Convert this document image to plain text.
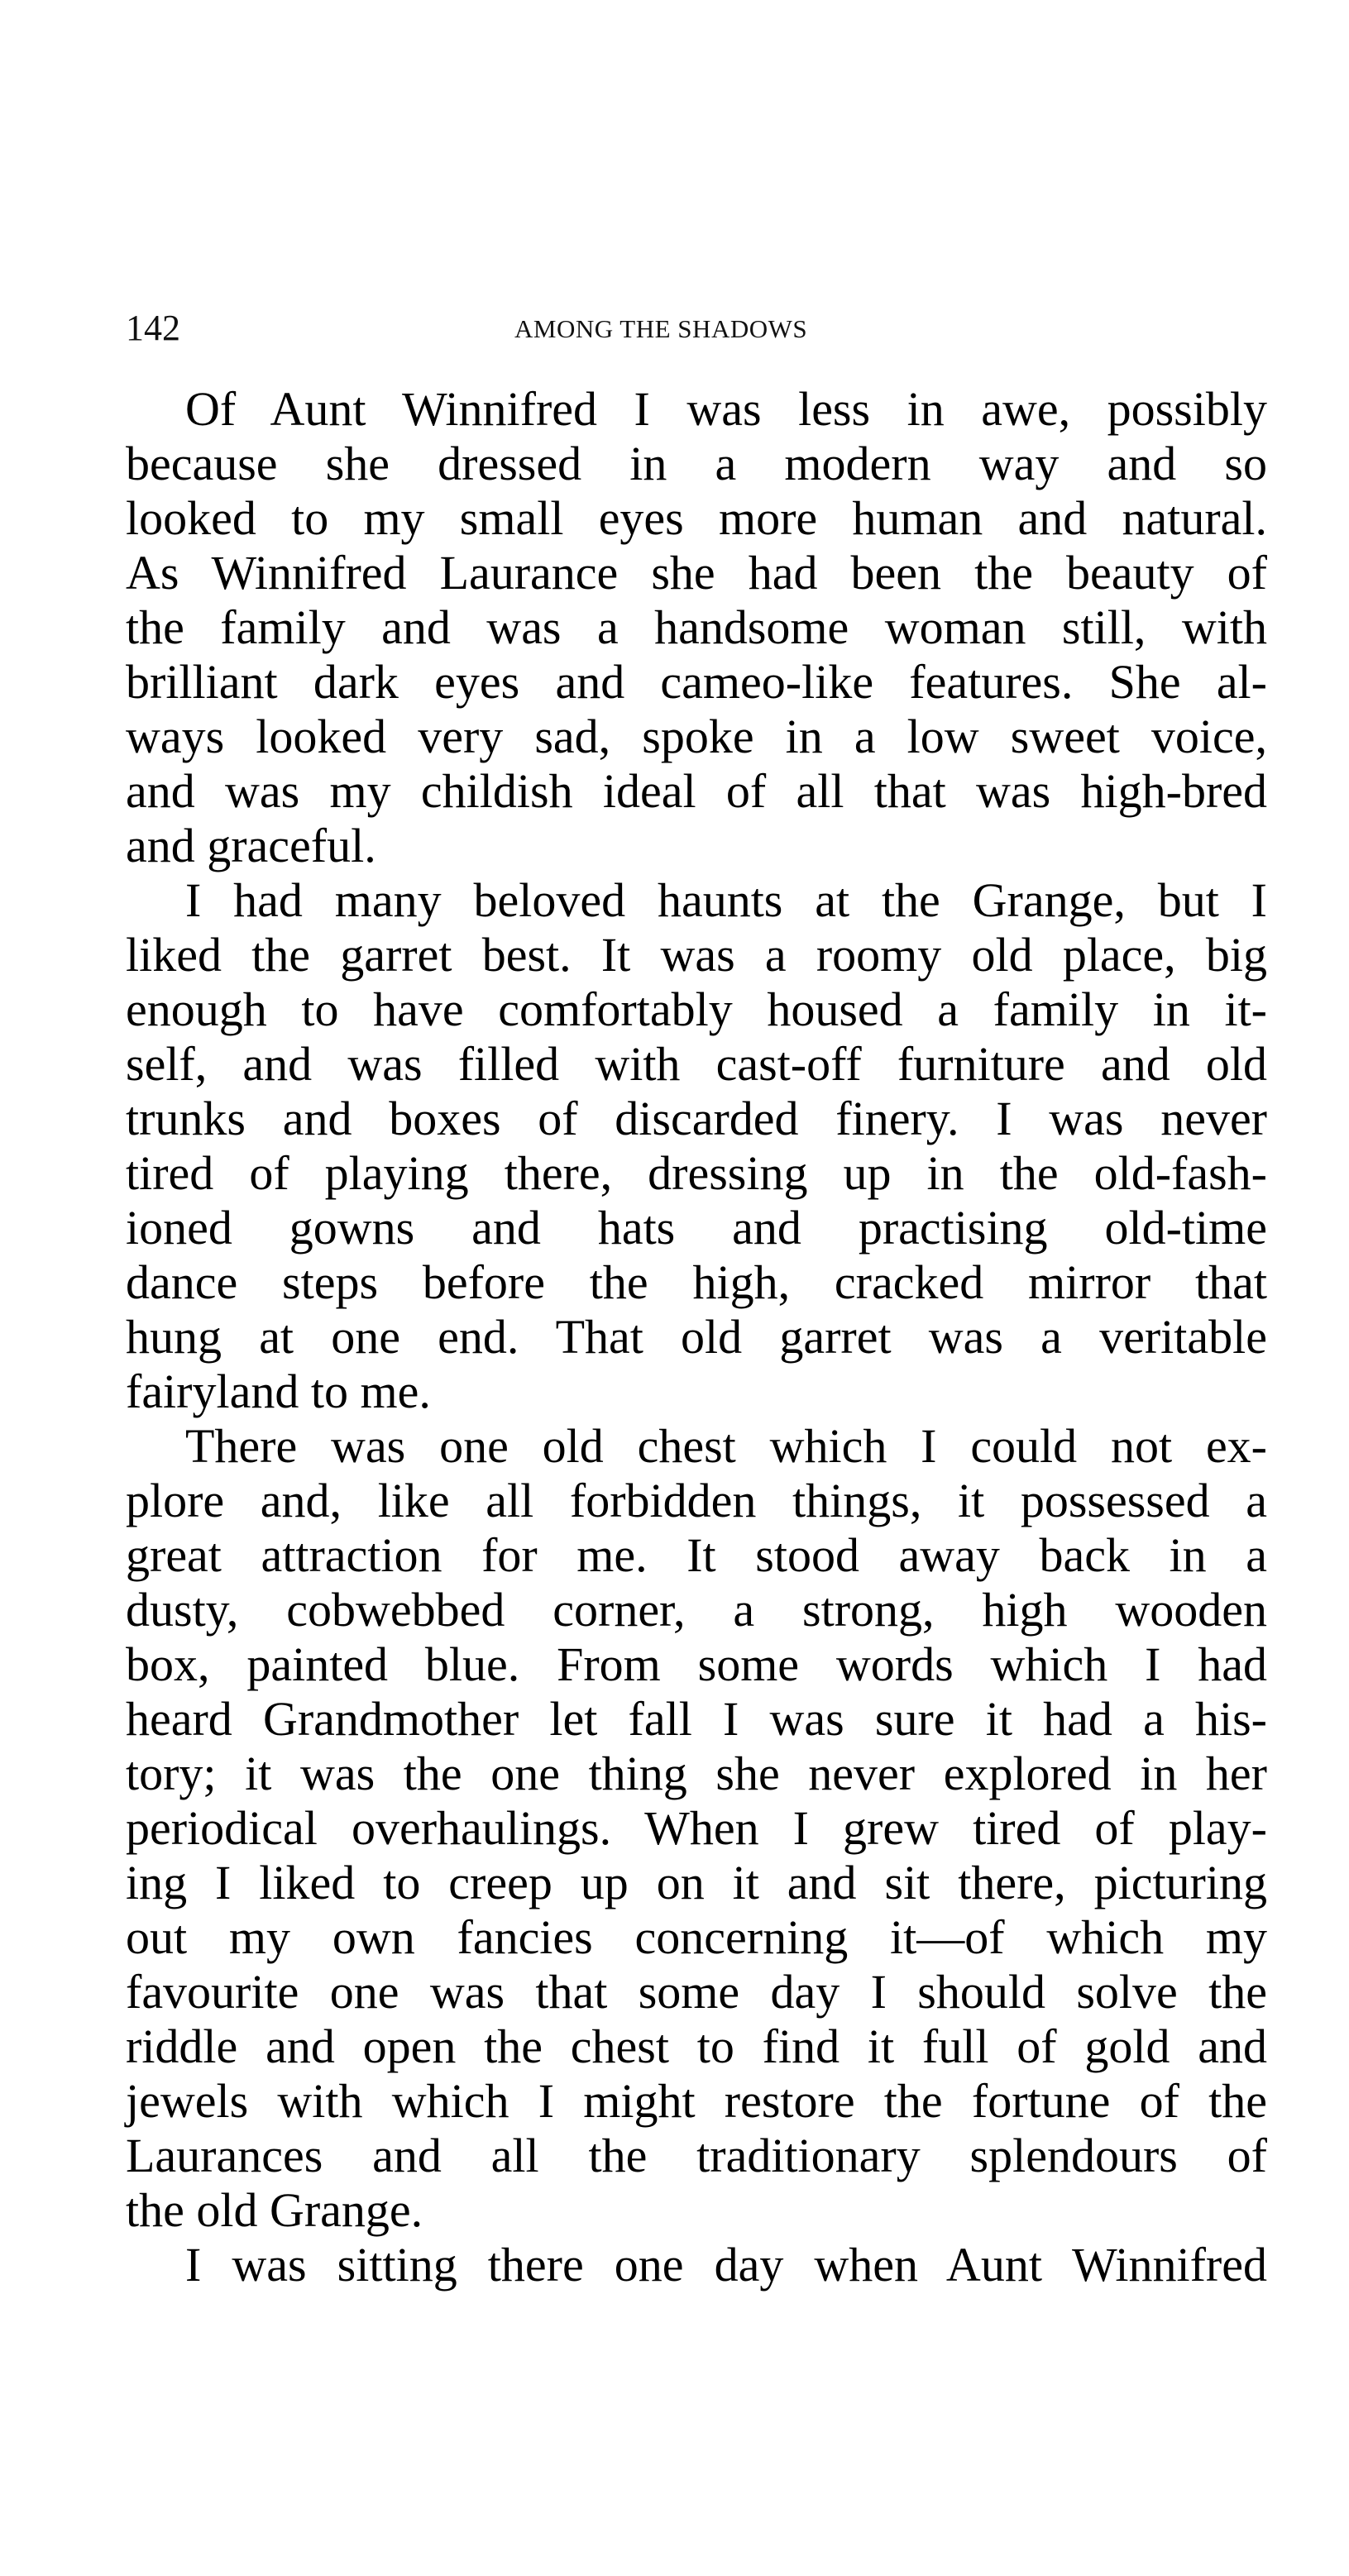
142	AMONG THE SHADOWS
Of Aunt Winnifred I was less in awe, possibly
because she dressed in a modern way and so
looked to my small eyes more human and natural.
As Winnifred Laurance she had been the beauty of
the family and was a handsome woman still, with
brilliant dark eyes and cameo-like features. She al-
ways looked very sad, spoke in a low sweet voice,
and was my childish ideal of all that was high-bred
and graceful.
I had many beloved haunts at the Grange, but I
liked the garret best. It was a roomy old place, big
enough to have comfortably housed a family in it-
self, and was filled with cast-off furniture and old
trunks and boxes of discarded finery. I was never
tired of playing there, dressing up in the old-fash-
ioned gowns and hats and practising old-time
dance steps before the high, cracked mirror that
hung at one end. That old garret was a veritable
fairyland to me.
There was one old chest which I could not ex-
plore and, like all forbidden things, it possessed a
great attraction for me. It stood away back in a
dusty, cobwebbed corner, a strong, high wooden
box, painted blue. From some words which I had
heard Grandmother let fall I was sure it had a his-
tory; it was the one thing she never explored in her
periodical overhaulings. When I grew tired of play-
ing I liked to creep up on it and sit there, picturing
out my own fancies concerning it—of which my
favourite one was that some day I should solve the
riddle and open the chest to find it full of gold and
jewels with which I might restore the fortune of the
Laurances and all the traditionary splendours of
the old Grange.
I was sitting there one day when Aunt Winnifred
